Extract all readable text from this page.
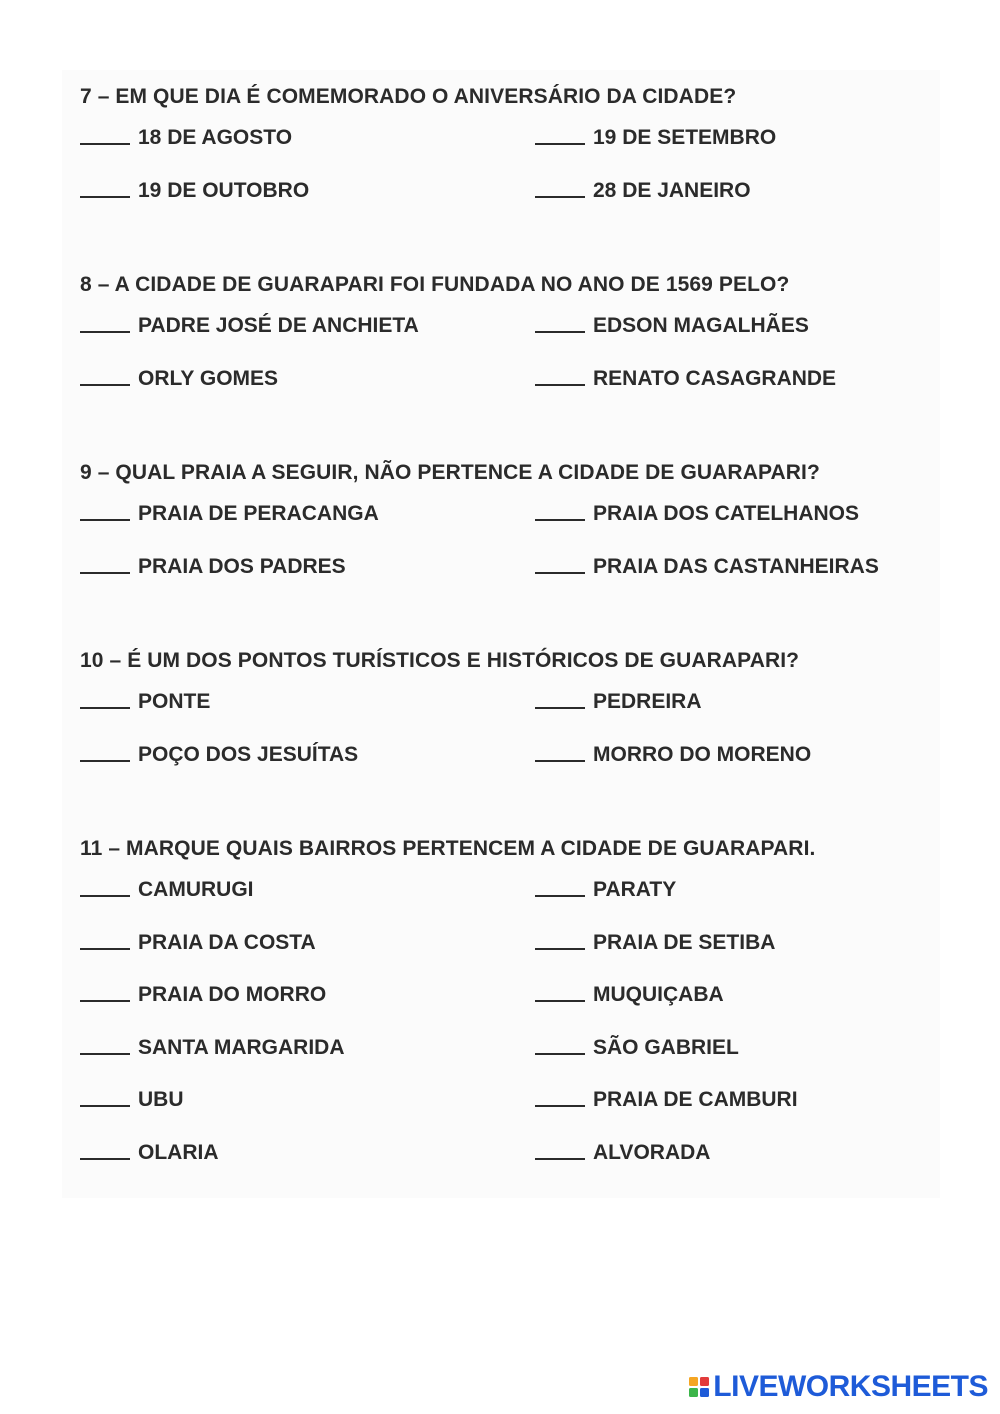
7 – EM QUE DIA É COMEMORADO O ANIVERSÁRIO DA CIDADE?
18 DE AGOSTO	19 DE SETEMBRO
19 DE OUTOBRO	28 DE JANEIRO
8 – A CIDADE DE GUARAPARI FOI FUNDADA NO ANO DE 1569 PELO?
PADRE JOSÉ DE ANCHIETA	EDSON MAGALHÃES
ORLY GOMES	RENATO CASAGRANDE
9 – QUAL PRAIA A SEGUIR, NÃO PERTENCE A CIDADE DE GUARAPARI?
PRAIA DE PERACANGA	PRAIA DOS CATELHANOS
PRAIA DOS PADRES	PRAIA DAS CASTANHEIRAS
10 – É UM DOS PONTOS TURÍSTICOS E HISTÓRICOS DE GUARAPARI?
PONTE	PEDREIRA
POÇO DOS JESUÍTAS	MORRO DO MORENO
11 – MARQUE QUAIS BAIRROS PERTENCEM A CIDADE DE GUARAPARI.
CAMURUGI	PARATY
PRAIA DA COSTA	PRAIA DE SETIBA
PRAIA DO MORRO	MUQUIÇABA
SANTA MARGARIDA	SÃO GABRIEL
UBU	PRAIA DE CAMBURI
OLARIA	ALVORADA
LIVEWORKSHEETS
